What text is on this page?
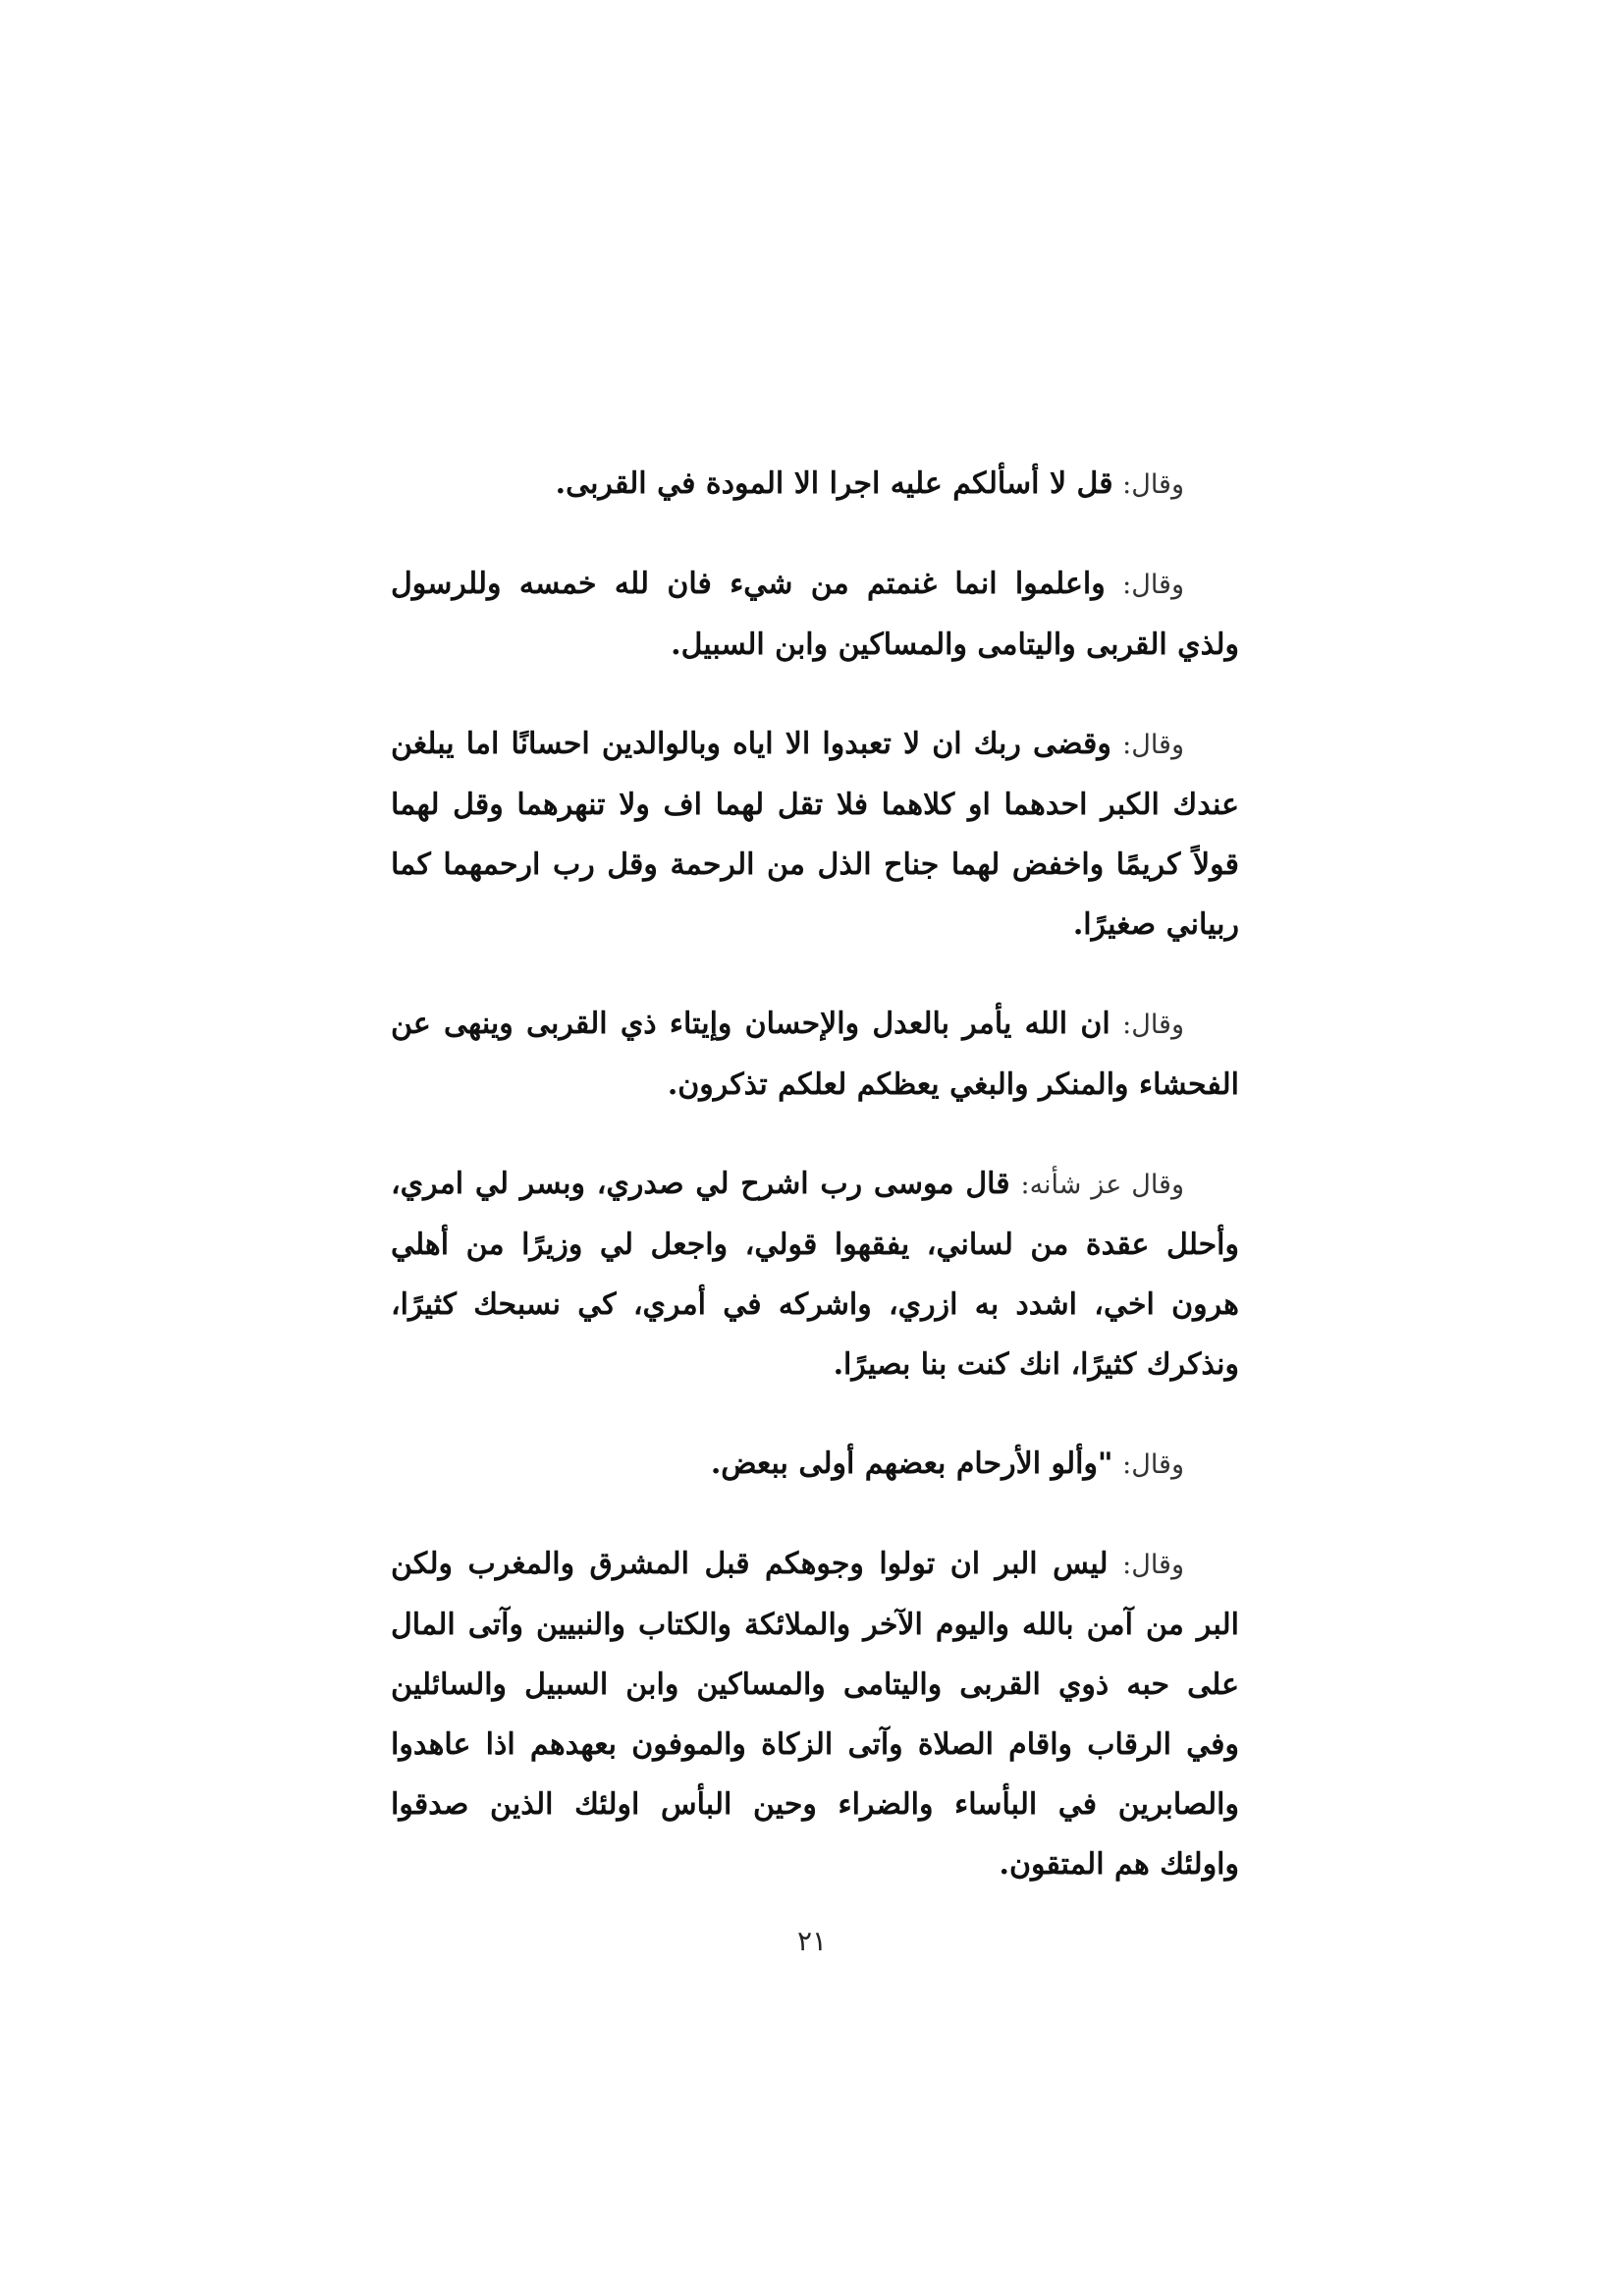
وقال: قل لا أسألكم عليه اجرا الا المودة في القربى.

وقال: واعلموا انما غنمتم من شيء فان لله خمسه وللرسول ولذي القربى واليتامى والمساكين وابن السبيل.

وقال: وقضى ربك ان لا تعبدوا الا اياه وبالوالدين احسانًا اما يبلغن عندك الكبر احدهما او كلاهما فلا تقل لهما اف ولا تنهرهما وقل لهما قولاً كريمًا واخفض لهما جناح الذل من الرحمة وقل رب ارحمهما كما ربياني صغيرًا.

وقال: ان الله يأمر بالعدل والإحسان وإيتاء ذي القربى وينهى عن الفحشاء والمنكر والبغي يعظكم لعلكم تذكرون.

وقال عز شأنه: قال موسى رب اشرح لي صدري، وبسر لي امري، وأحلل عقدة من لساني، يفقهوا قولي، واجعل لي وزيرًا من أهلي هرون اخي، اشدد به ازري، واشركه في أمري، كي نسبحك كثيرًا، ونذكرك كثيرًا، انك كنت بنا بصيرًا.

وقال: "وألو الأرحام بعضهم أولى ببعض.

وقال: ليس البر ان تولوا وجوهكم قبل المشرق والمغرب ولكن البر من آمن بالله واليوم الآخر والملائكة والكتاب والنبيين وآتى المال على حبه ذوي القربى واليتامى والمساكين وابن السبيل والسائلين وفي الرقاب واقام الصلاة وآتى الزكاة والموفون بعهدهم اذا عاهدوا والصابرين في البأساء والضراء وحين البأس اولئك الذين صدقوا واولئك هم المتقون.

٢١
